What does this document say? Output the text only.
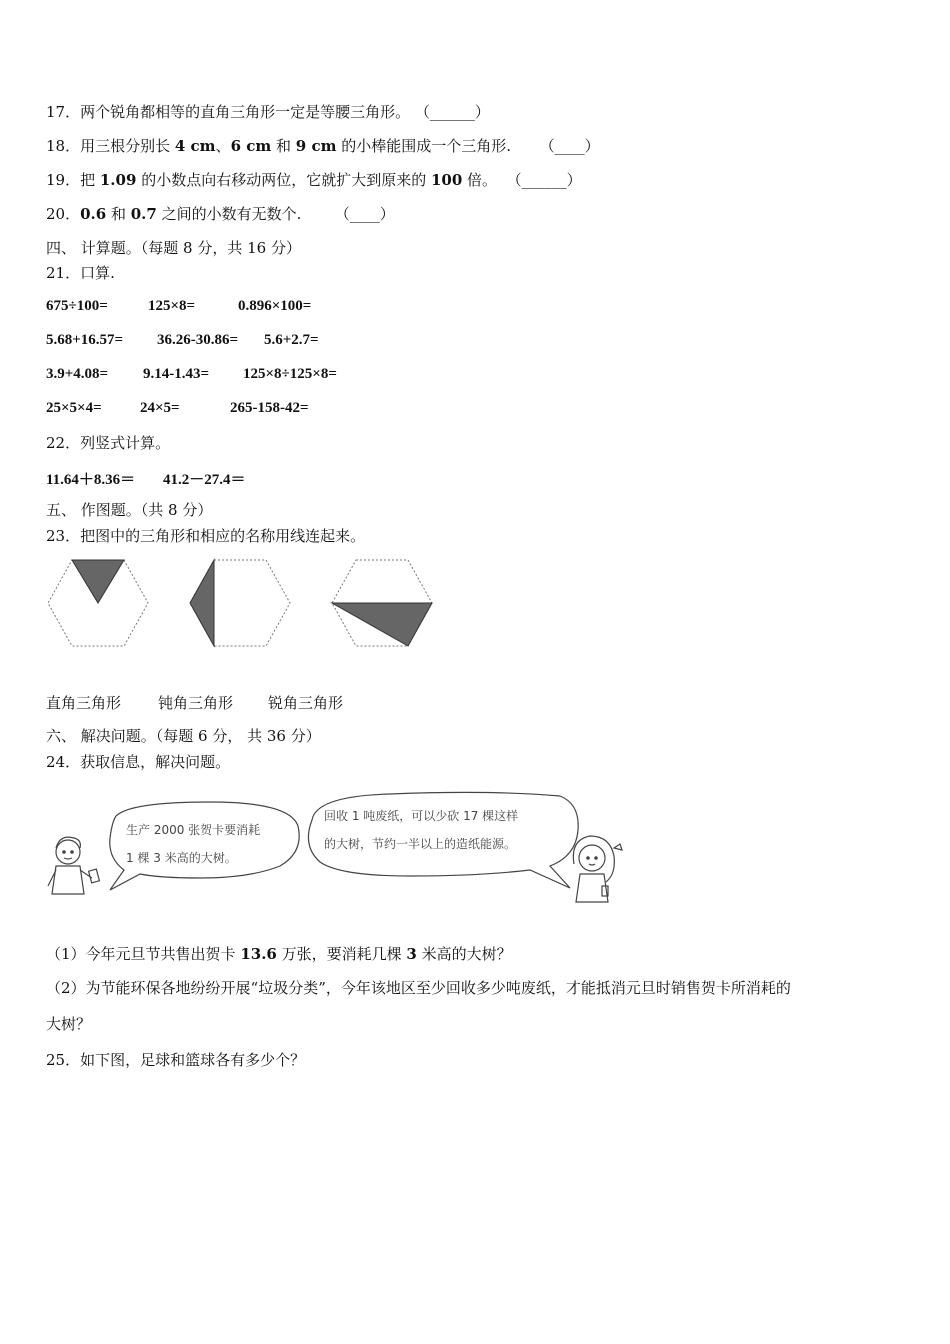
17．两个锐角都相等的直角三角形一定是等腰三角形。 （______）
18．用三根分别长 4 cm、6 cm 和 9 cm 的小棒能围成一个三角形. （____）
19．把 1.09 的小数点向右移动两位，它就扩大到原来的 100 倍。 （______）
20．0.6 和 0.7 之间的小数有无数个. （____）
四、 计算题。（每题 8 分，共 16 分）
21．口算.
675÷100=	125×8=	0.896×100=
5.68+16.57= 36.26-30.86= 5.6+2.7=
3.9+4.08= 9.14-1.43= 125×8÷125×8=
25×5×4=	24×5=	265-158-42=
22．列竖式计算。
11.64＋8.36＝ 41.2－27.4＝
五、 作图题。（共 8 分）
23．把图中的三角形和相应的名称用线连起来。
直角三角形 钝角三角形 锐角三角形
六、 解决问题。（每题 6 分， 共 36 分）
24．获取信息，解决问题。
生产 2000 张贺卡要消耗
1 棵 3 米高的大树。
回收 1 吨废纸，可以少砍 17 棵这样
的大树，节约一半以上的造纸能源。
（1）今年元旦节共售出贺卡 13.6 万张，要消耗几棵 3 米高的大树？
（2）为节能环保各地纷纷开展“垃圾分类”，今年该地区至少回收多少吨废纸，才能抵消元旦时销售贺卡所消耗的
大树？
25．如下图，足球和篮球各有多少个？
